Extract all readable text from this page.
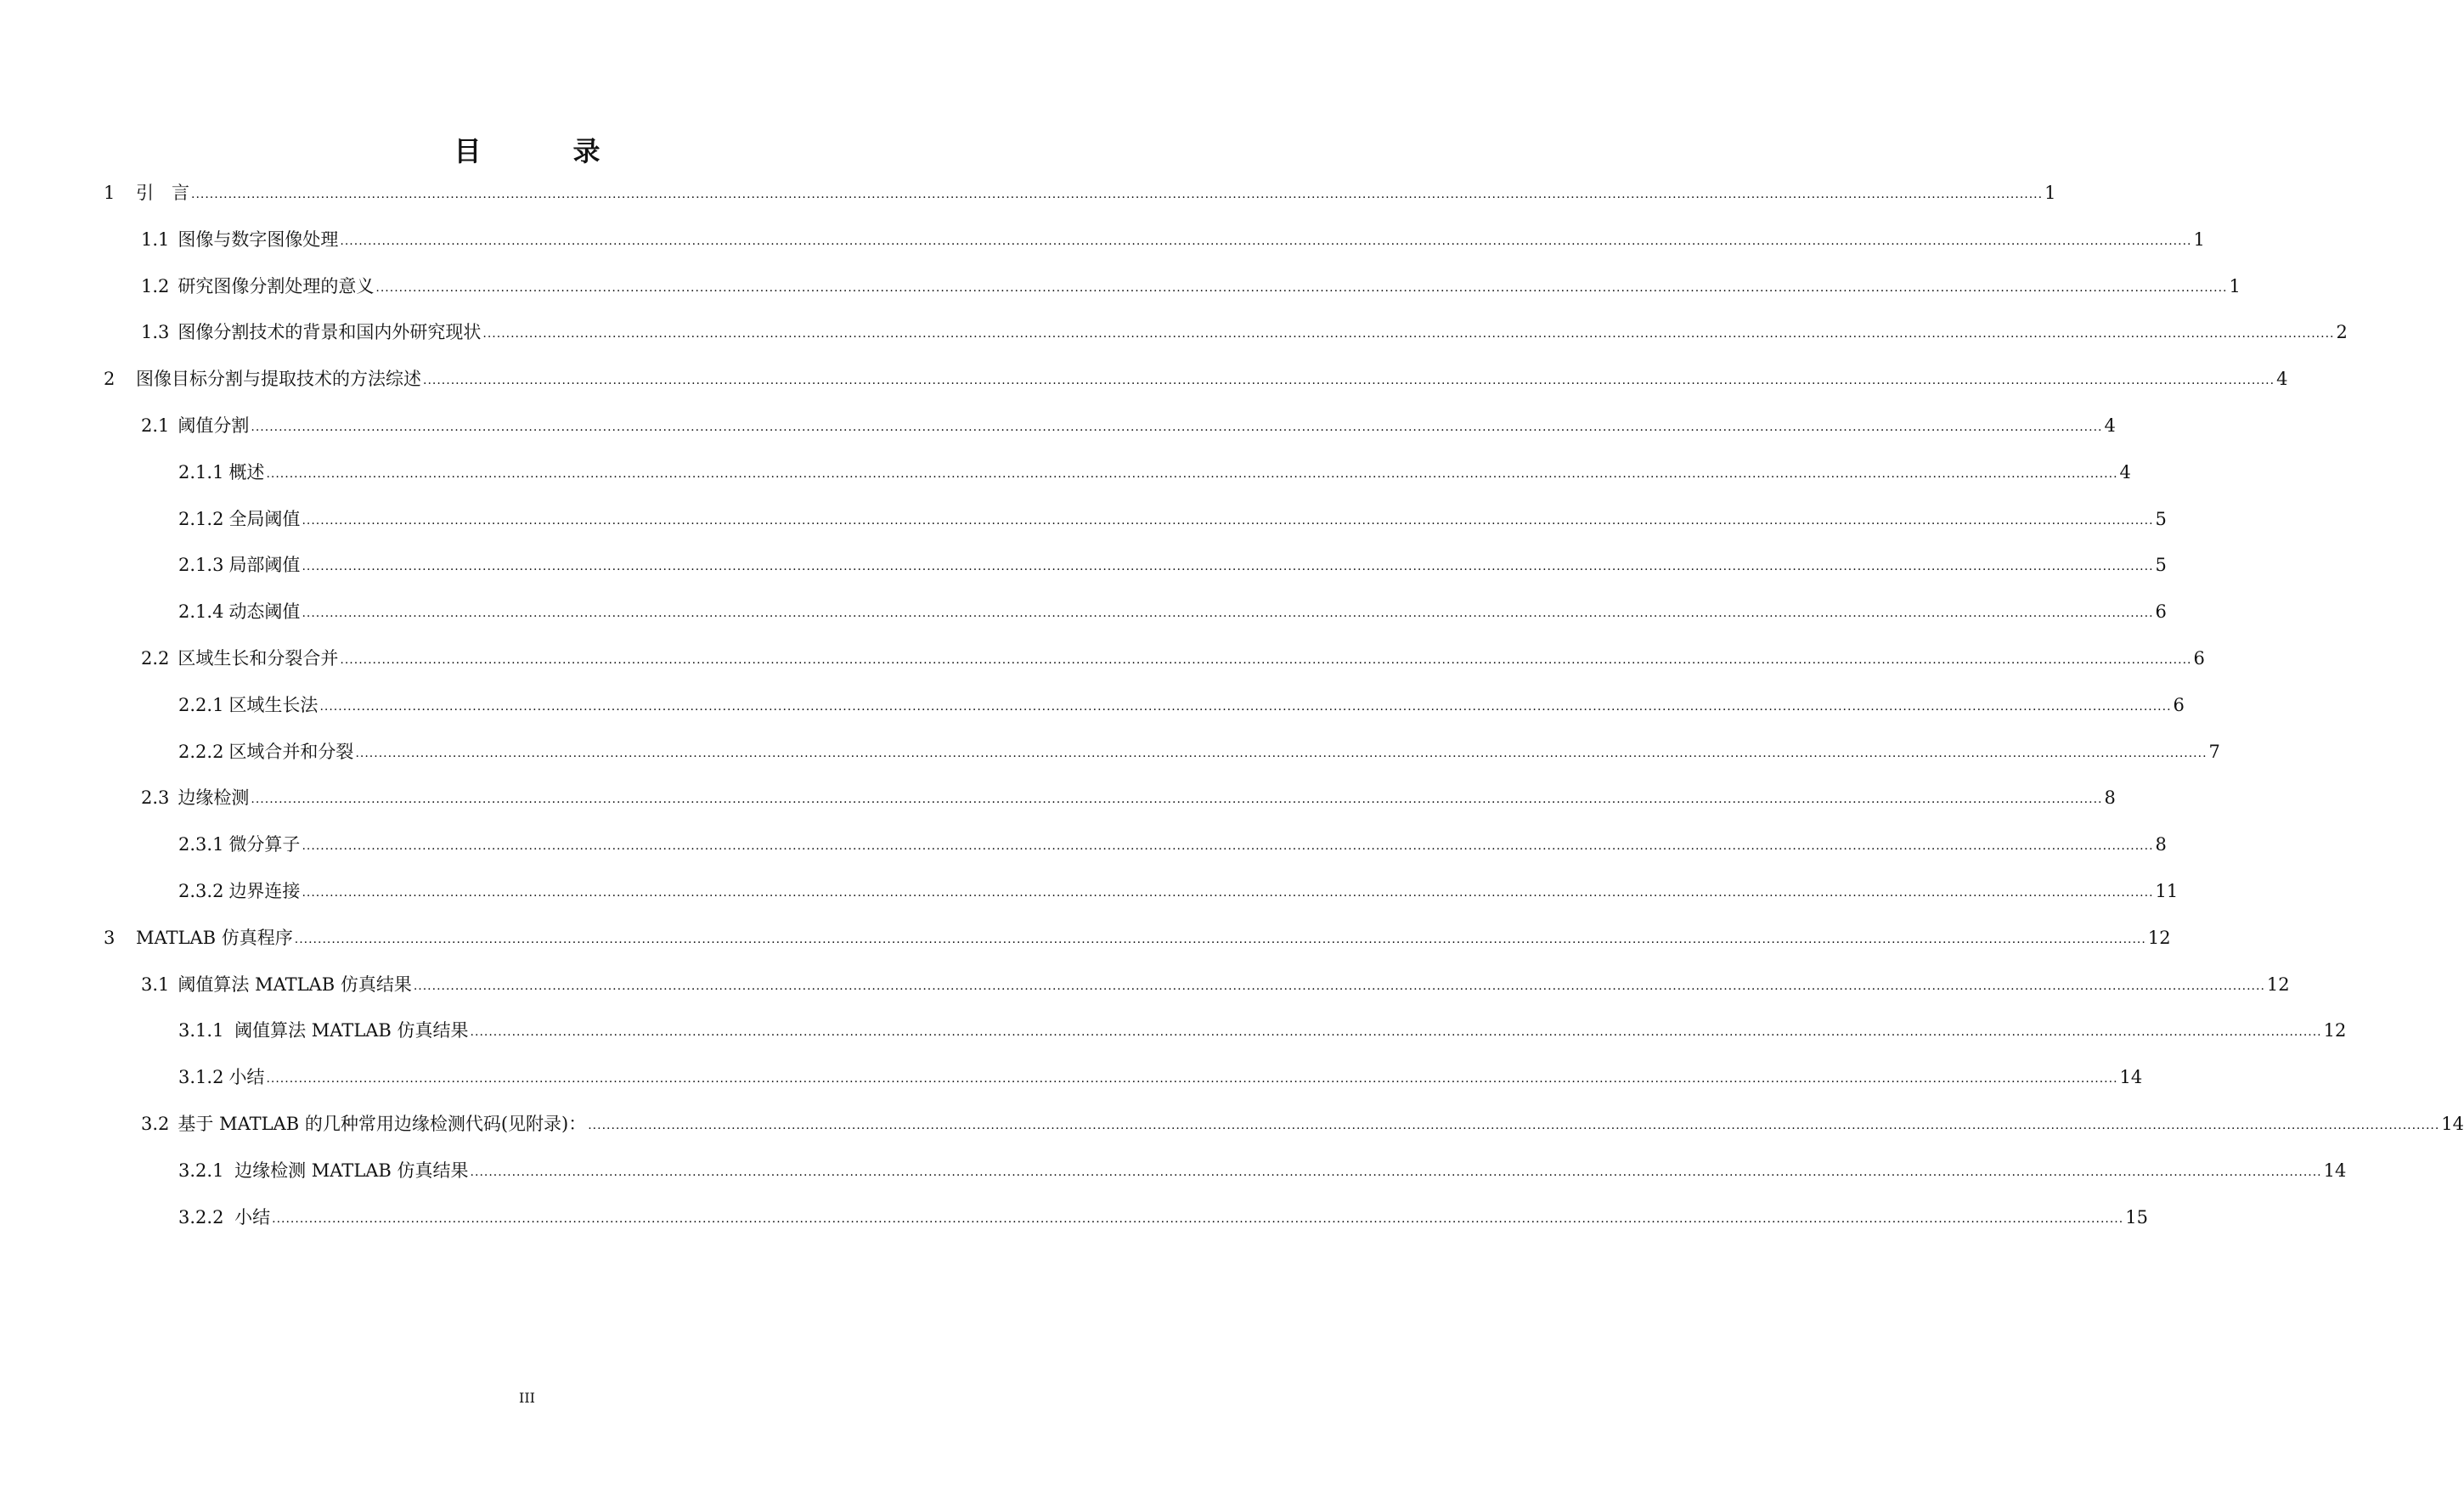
目　录
1	引　言 ................................................................................................................................................................................................................................................................................................................................................................................................................ 1
1.1 图像与数字图像处理 ................................................................................................................................................................................................................................................................................................................................................................................................................ 1
1.2 研究图像分割处理的意义 ................................................................................................................................................................................................................................................................................................................................................................................................................ 1
1.3 图像分割技术的背景和国内外研究现状 ................................................................................................................................................................................................................................................................................................................................................................................................................ 2
2	图像目标分割与提取技术的方法综述 ................................................................................................................................................................................................................................................................................................................................................................................................................ 4
2.1 阈值分割 ................................................................................................................................................................................................................................................................................................................................................................................................................ 4
2.1.1 概述 ................................................................................................................................................................................................................................................................................................................................................................................................................ 4
2.1.2 全局阈值 ................................................................................................................................................................................................................................................................................................................................................................................................................ 5
2.1.3 局部阈值 ................................................................................................................................................................................................................................................................................................................................................................................................................ 5
2.1.4 动态阈值 ................................................................................................................................................................................................................................................................................................................................................................................................................ 6
2.2 区域生长和分裂合并 ................................................................................................................................................................................................................................................................................................................................................................................................................ 6
2.2.1 区域生长法 ................................................................................................................................................................................................................................................................................................................................................................................................................ 6
2.2.2 区域合并和分裂 ................................................................................................................................................................................................................................................................................................................................................................................................................ 7
2.3 边缘检测 ................................................................................................................................................................................................................................................................................................................................................................................................................ 8
2.3.1 微分算子 ................................................................................................................................................................................................................................................................................................................................................................................................................ 8
2.3.2 边界连接 ................................................................................................................................................................................................................................................................................................................................................................................................................ 11
3	MATLAB 仿真程序 ................................................................................................................................................................................................................................................................................................................................................................................................................ 12
3.1 阈值算法 MATLAB 仿真结果 ................................................................................................................................................................................................................................................................................................................................................................................................................ 12
3.1.1 阈值算法 MATLAB 仿真结果 ................................................................................................................................................................................................................................................................................................................................................................................................................ 12
3.1.2 小结 ................................................................................................................................................................................................................................................................................................................................................................................................................ 14
3.2 基于 MATLAB 的几种常用边缘检测代码(见附录)： ................................................................................................................................................................................................................................................................................................................................................................................................................ 14
3.2.1 边缘检测 MATLAB 仿真结果 ................................................................................................................................................................................................................................................................................................................................................................................................................ 14
3.2.2 小结 ................................................................................................................................................................................................................................................................................................................................................................................................................ 15
III
